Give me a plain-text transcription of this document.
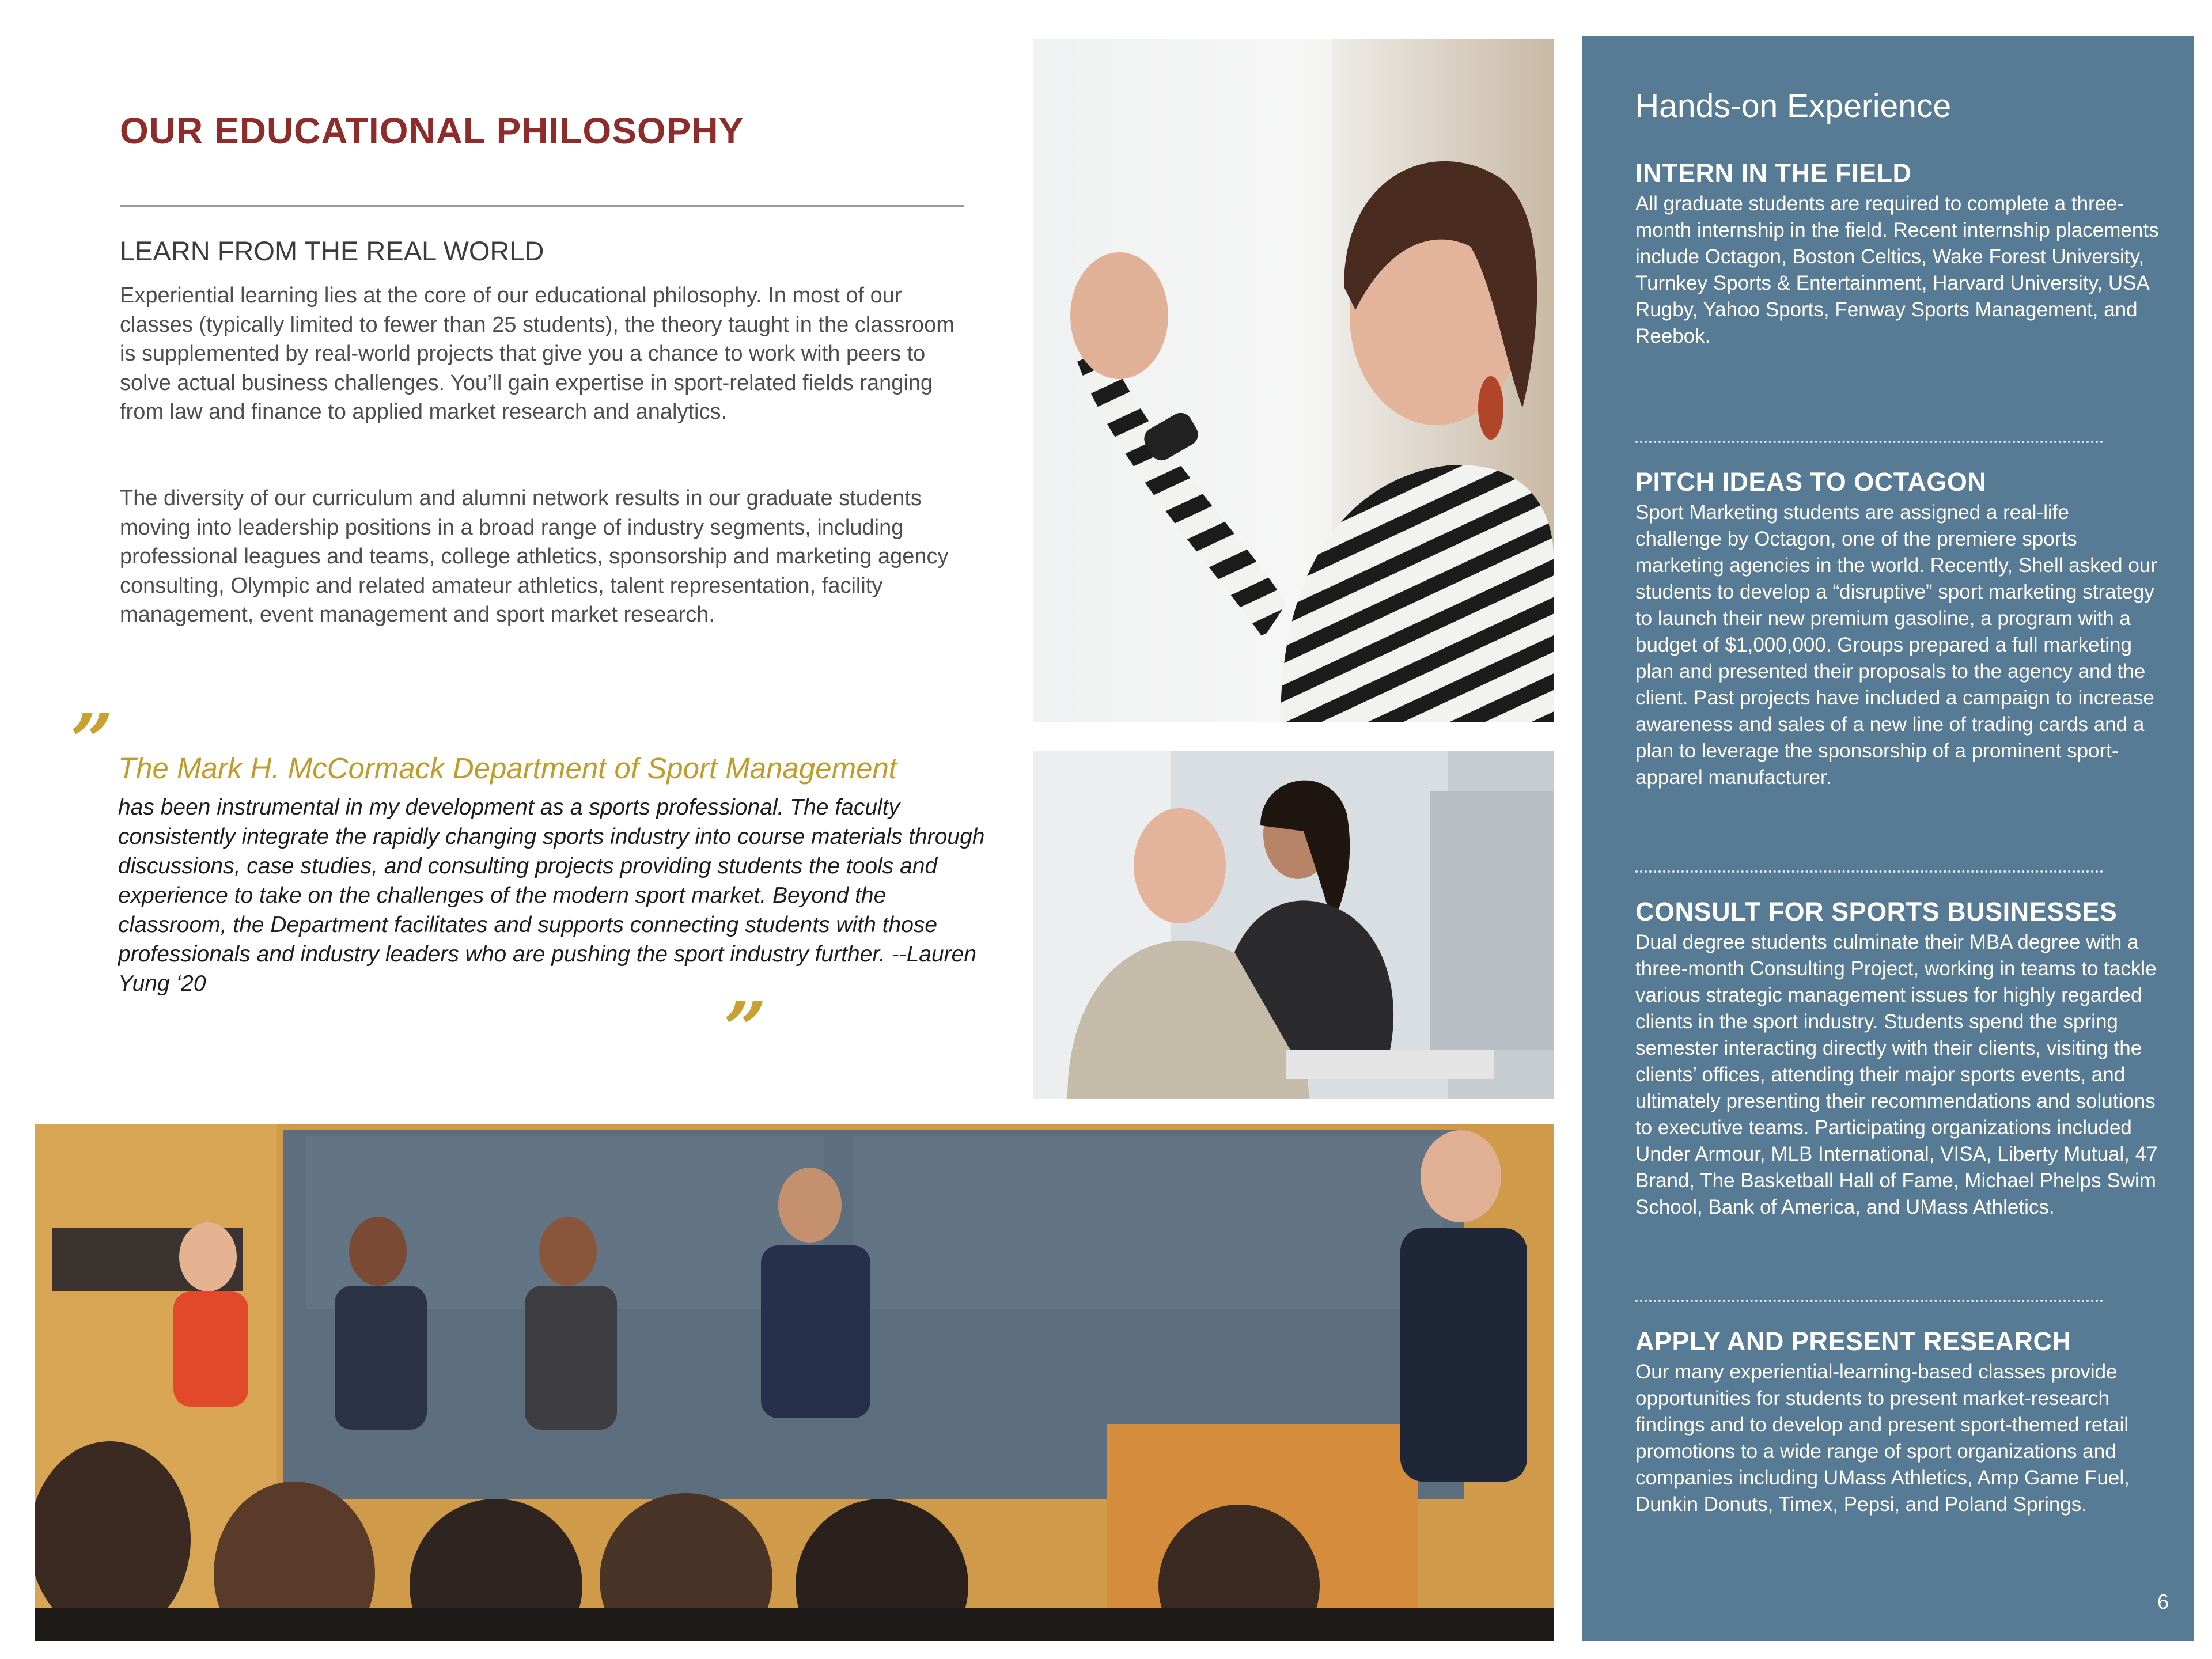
OUR EDUCATIONAL PHILOSOPHY
LEARN FROM THE REAL WORLD

Experiential learning lies at the core of our educational philosophy. In most of our classes (typically limited to fewer than 25 students), the theory taught in the classroom is supplemented by real-world projects that give you a chance to work with peers to solve actual business challenges. You’ll gain expertise in sport-related fields ranging from law and finance to applied market research and analytics.

The diversity of our curriculum and alumni network results in our graduate students moving into leadership positions in a broad range of industry segments, including professional leagues and teams, college athletics, sponsorship and marketing agency consulting, Olympic and related amateur athletics, talent representation, facility management, event management and sport market research.

” The Mark H. McCormack Department of Sport Management

has been instrumental in my development as a sports professional. The faculty consistently integrate the rapidly changing sports industry into course materials through discussions, case studies, and consulting projects providing students the tools and experience to take on the challenges of the modern sport market. Beyond the classroom, the Department facilitates and supports connecting students with those professionals and industry leaders who are pushing the sport industry further. --Lauren Yung ‘20

”
Hands-on Experience
INTERN IN THE FIELD

All graduate students are required to complete a three-month internship in the field. Recent internship placements include Octagon, Boston Celtics, Wake Forest University, Turnkey Sports & Entertainment, Harvard University, USA Rugby, Yahoo Sports, Fenway Sports Management, and Reebok.

PITCH IDEAS TO OCTAGON

Sport Marketing students are assigned a real-life challenge by Octagon, one of the premiere sports marketing agencies in the world. Recently, Shell asked our students to develop a “disruptive” sport marketing strategy to launch their new premium gasoline, a program with a budget of $1,000,000. Groups prepared a full marketing plan and presented their proposals to the agency and the client. Past projects have included a campaign to increase awareness and sales of a new line of trading cards and a plan to leverage the sponsorship of a prominent sport-apparel manufacturer.

CONSULT FOR SPORTS BUSINESSES

Dual degree students culminate their MBA degree with a three-month Consulting Project, working in teams to tackle various strategic management issues for highly regarded clients in the sport industry. Students spend the spring semester interacting directly with their clients, visiting the clients’ offices, attending their major sports events, and ultimately presenting their recommendations and solutions to executive teams. Participating organizations included Under Armour, MLB International, VISA, Liberty Mutual, 47 Brand, The Basketball Hall of Fame, Michael Phelps Swim School, Bank of America, and UMass Athletics.

APPLY AND PRESENT RESEARCH

Our many experiential-learning-based classes provide opportunities for students to present market-research findings and to develop and present sport-themed retail promotions to a wide range of sport organizations and companies including UMass Athletics, Amp Game Fuel, Dunkin Donuts, Timex, Pepsi, and Poland Springs.

6
